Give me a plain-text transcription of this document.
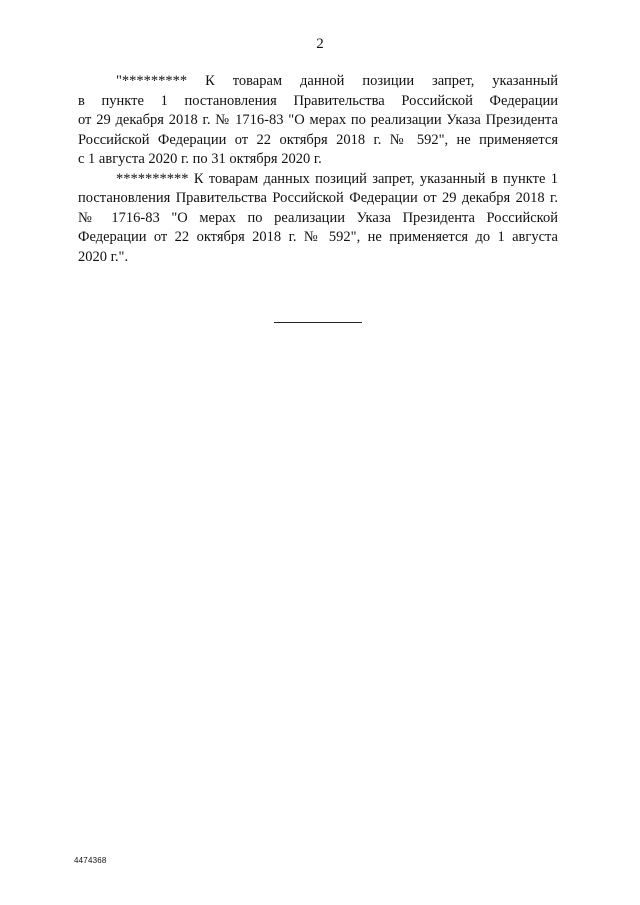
2

"********* К товарам данной позиции запрет, указанный
в пункте 1 постановления Правительства Российской Федерации
от 29 декабря 2018 г. № 1716-83 "О мерах по реализации Указа Президента
Российской Федерации от 22 октября 2018 г. № 592", не применяется
с 1 августа 2020 г. по 31 октября 2020 г.

********** К товарам данных позиций запрет, указанный в пункте 1
постановления Правительства Российской Федерации от 29 декабря 2018 г.
№ 1716-83 "О мерах по реализации Указа Президента Российской
Федерации от 22 октября 2018 г. № 592", не применяется до 1 августа
2020 г.".

4474368
